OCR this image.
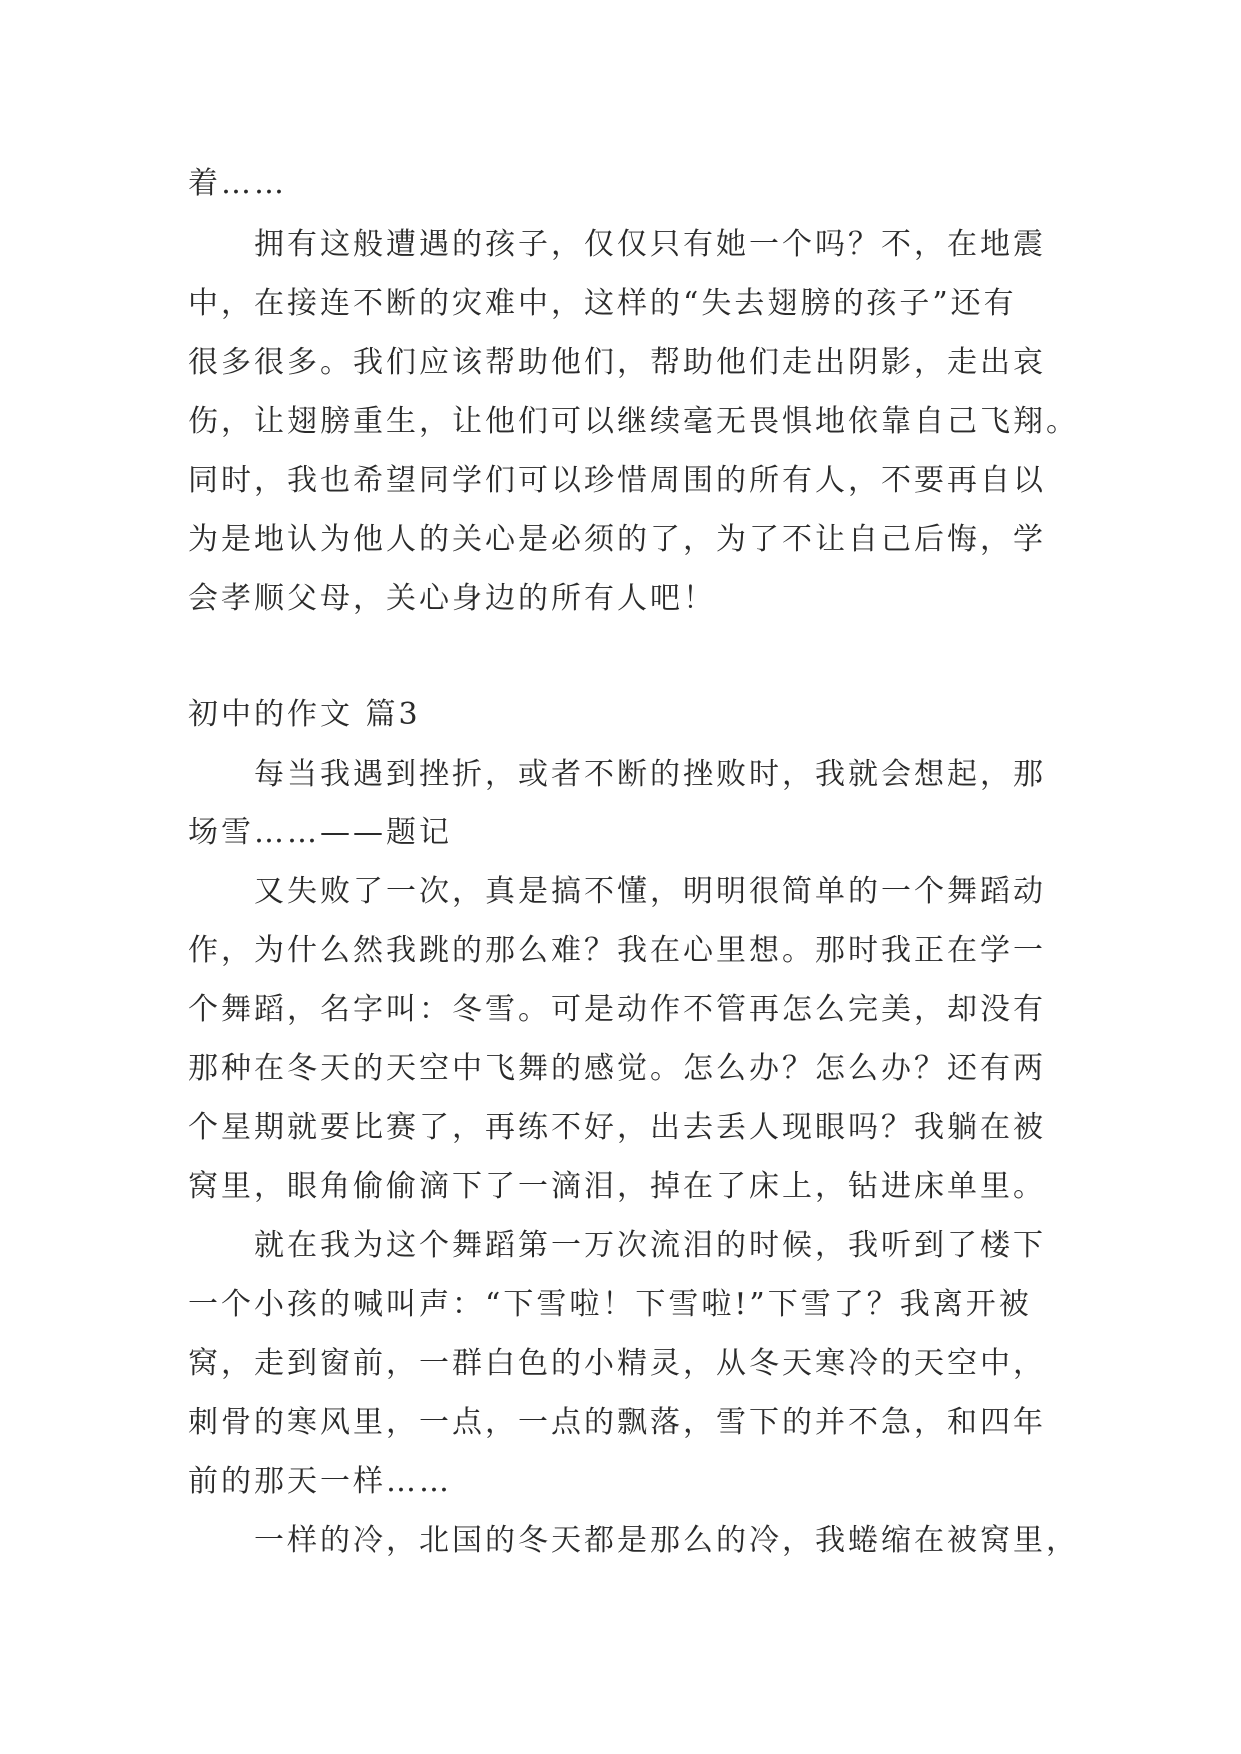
着……
拥有这般遭遇的孩子，仅仅只有她一个吗？不，在地震
中，在接连不断的灾难中，这样的“失去翅膀的孩子”还有
很多很多。我们应该帮助他们，帮助他们走出阴影，走出哀
伤，让翅膀重生，让他们可以继续毫无畏惧地依靠自己飞翔。
同时，我也希望同学们可以珍惜周围的所有人，不要再自以
为是地认为他人的关心是必须的了，为了不让自己后悔，学
会孝顺父母，关心身边的所有人吧！
初中的作文 篇3
每当我遇到挫折，或者不断的挫败时，我就会想起，那
场雪……——题记
又失败了一次，真是搞不懂，明明很简单的一个舞蹈动
作，为什么然我跳的那么难？我在心里想。那时我正在学一
个舞蹈，名字叫：冬雪。可是动作不管再怎么完美，却没有
那种在冬天的天空中飞舞的感觉。怎么办？怎么办？还有两
个星期就要比赛了，再练不好，出去丢人现眼吗？我躺在被
窝里，眼角偷偷滴下了一滴泪，掉在了床上，钻进床单里。
就在我为这个舞蹈第一万次流泪的时候，我听到了楼下
一个小孩的喊叫声：“下雪啦！下雪啦!”下雪了？我离开被
窝，走到窗前，一群白色的小精灵，从冬天寒冷的天空中，
刺骨的寒风里，一点，一点的飘落，雪下的并不急，和四年
前的那天一样……
一样的冷，北国的冬天都是那么的冷，我蜷缩在被窝里，
